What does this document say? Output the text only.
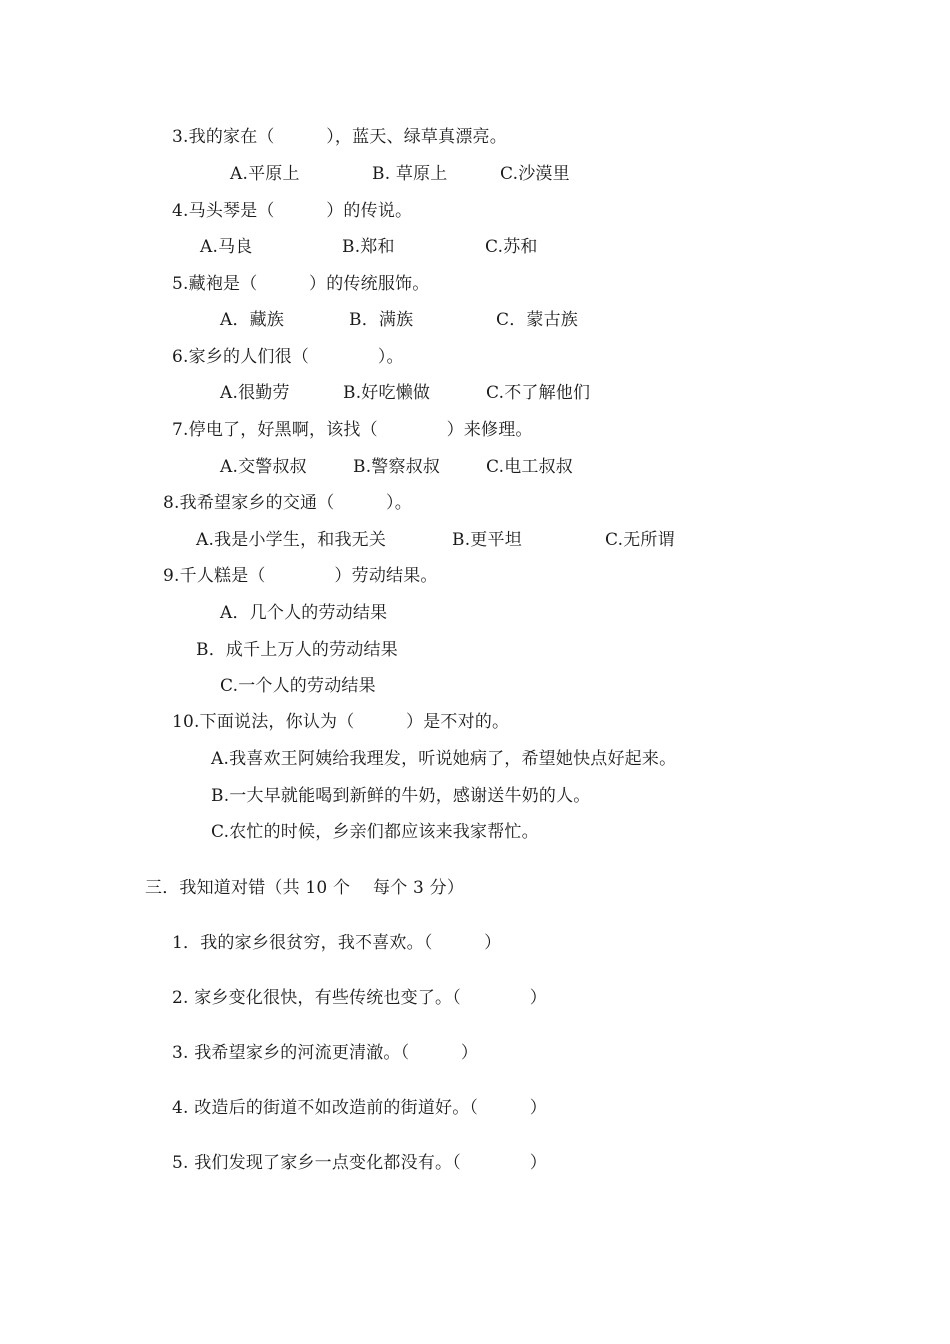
3.我的家在（　　　），蓝天、绿草真漂亮。
A.平原上	B. 草原上	C.沙漠里
4.马头琴是（　　　）的传说。
A.马良	B.郑和	C.苏和
5.藏袍是（　　　）的传统服饰。
A．藏族	B．满族	C．蒙古族
6.家乡的人们很（　　　　）。
A.很勤劳	B.好吃懒做	C.不了解他们
7.停电了，好黑啊，该找（　　　　）来修理。
A.交警叔叔	B.警察叔叔	C.电工叔叔
8.我希望家乡的交通（　　　）。
A.我是小学生，和我无关	B.更平坦	C.无所谓
9.千人糕是（　　　　）劳动结果。
A．几个人的劳动结果
B．成千上万人的劳动结果
C.一个人的劳动结果
10.下面说法，你认为（　　　）是不对的。
A.我喜欢王阿姨给我理发，听说她病了，希望她快点好起来。
B.一大早就能喝到新鲜的牛奶，感谢送牛奶的人。
C.农忙的时候，乡亲们都应该来我家帮忙。
三．我知道对错（共 10 个　 每个 3 分）
1．我的家乡很贫穷，我不喜欢。（　　　）
2. 家乡变化很快，有些传统也变了。（　　　　）
3. 我希望家乡的河流更清澈。（　　　）
4. 改造后的街道不如改造前的街道好。（　　　）
5. 我们发现了家乡一点变化都没有。（　　　　）
